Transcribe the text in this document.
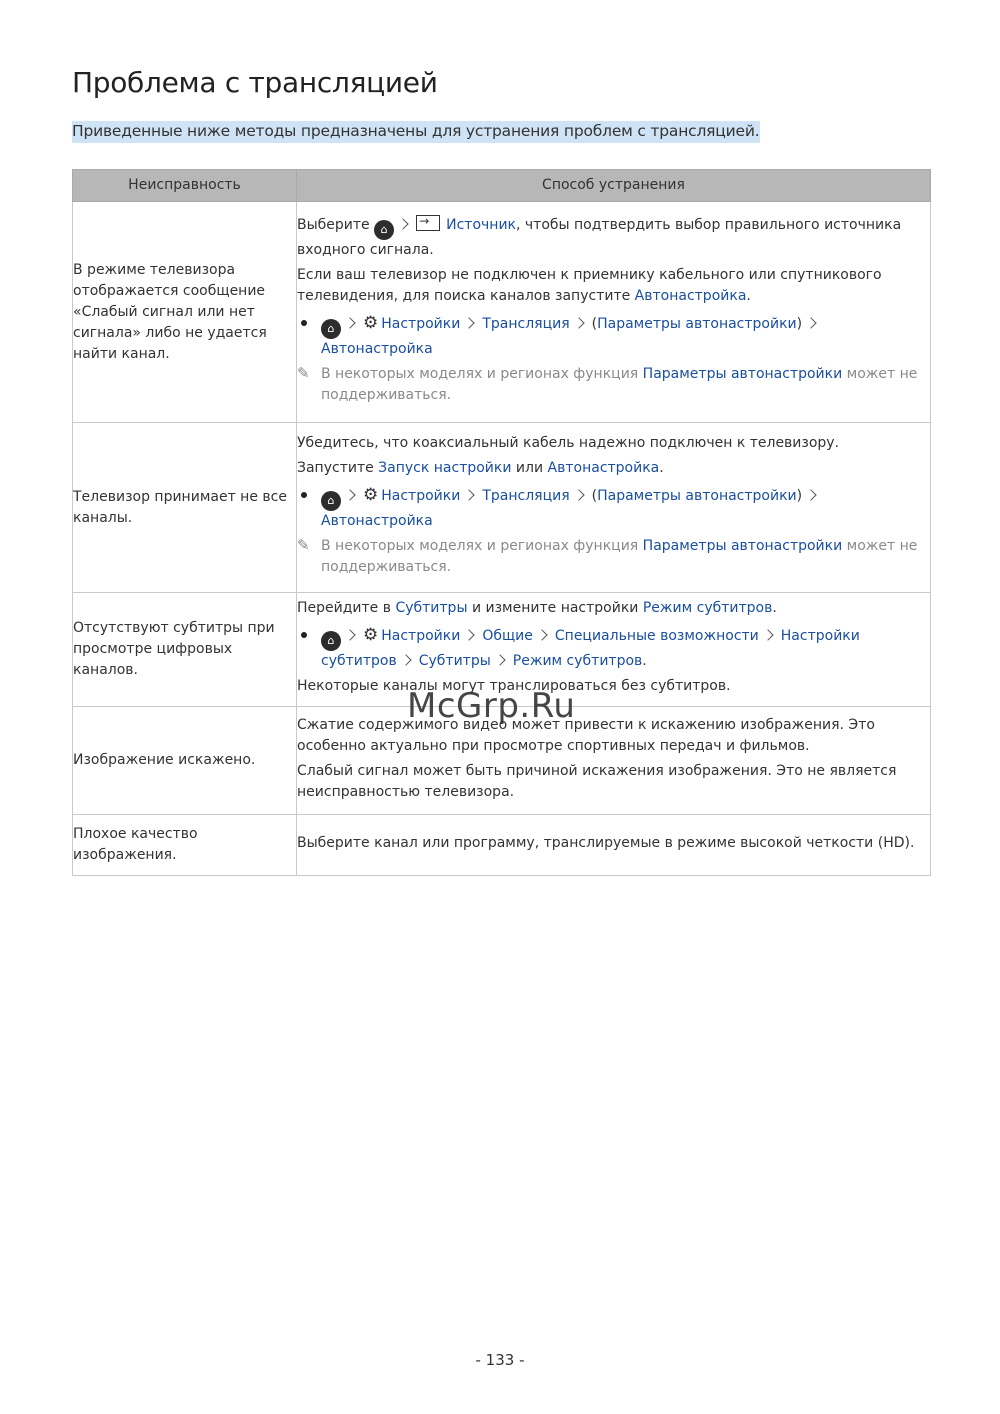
Проблема с трансляцией

Приведенные ниже методы предназначены для устранения проблем с трансляцией.

Неисправность	Способ устранения
В режиме телевизора отображается сообщение «Слабый сигнал или нет сигнала» либо не удается найти канал.	Выберите ⌂ → Источник, чтобы подтвердить выбор правильного источника входного сигнала.

Если ваш телевизор не подключен к приемнику кабельного или спутникового телевидения, для поиска каналов запустите Автонастройка.

⌂ ⚙ Настройки Трансляция (Параметры автонастройки)Автонастройка

✎ В некоторых моделях и регионах функция Параметры автонастройки может не поддерживаться.

Телевизор принимает не все каналы.	Убедитесь, что коаксиальный кабель надежно подключен к телевизору.

Запустите Запуск настройки или Автонастройка.

⌂ ⚙ Настройки Трансляция (Параметры автонастройки)Автонастройка

✎ В некоторых моделях и регионах функция Параметры автонастройки может не поддерживаться.

Отсутствуют субтитры при просмотре цифровых каналов.	Перейдите в Субтитры и измените настройки Режим субтитров.

⌂ ⚙ Настройки Общие Специальные возможности Настройки субтитров Субтитры Режим субтитров.

Некоторые каналы могут транслироваться без субтитров.

Изображение искажено.	Сжатие содержимого видео может привести к искажению изображения. Это особенно актуально при просмотре спортивных передач и фильмов.

Слабый сигнал может быть причиной искажения изображения. Это не является неисправностью телевизора.

Плохое качество изображения.	Выберите канал или программу, транслируемые в режиме высокой четкости (HD).

McGrp.Ru

- 133 -
